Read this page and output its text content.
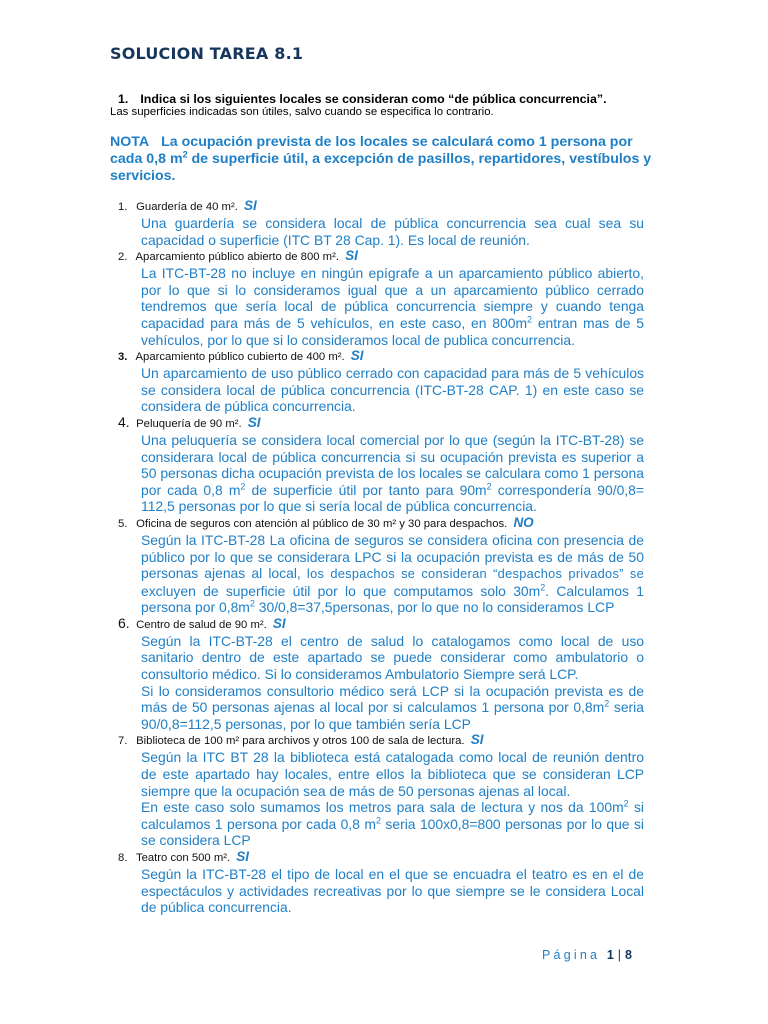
SOLUCION TAREA 8.1
1. Indica si los siguientes locales se consideran como “de pública concurrencia”.
Las superficies indicadas son útiles, salvo cuando se especifica lo contrario.
NOTA La ocupación prevista de los locales se calculará como 1 persona por cada 0,8 $m^2$ de superficie útil, a excepción de pasillos, repartidores, vestíbulos y servicios.
1. Guardería de 40 m². SI
Una guardería se considera local de pública concurrencia sea cual sea su capacidad o superficie (ITC BT 28 Cap. 1). Es local de reunión.
2. Aparcamiento público abierto de 800 m². SI
La ITC-BT-28 no incluye en ningún epígrafe a un aparcamiento público abierto, por lo que si lo consideramos igual que a un aparcamiento público cerrado tendremos que sería local de pública concurrencia siempre y cuando tenga capacidad para más de 5 vehículos, en este caso, en $800m^2$ entran mas de 5 vehículos, por lo que si lo consideramos local de publica concurrencia.
3. Aparcamiento público cubierto de 400 m². SI
Un aparcamiento de uso público cerrado con capacidad para más de 5 vehículos se considera local de pública concurrencia (ITC-BT-28 CAP. 1) en este caso se considera de pública concurrencia.
4. Peluquería de 90 m². SI
Una peluquería se considera local comercial por lo que (según la ITC-BT-28) se considerara local de pública concurrencia si su ocupación prevista es superior a 50 personas dicha ocupación prevista de los locales se calculara como 1 persona por cada 0,8 $m^2$ de superficie útil por tanto para $90m^2$ correspondería 90/0,8= 112,5 personas por lo que si sería local de pública concurrencia.
5. Oficina de seguros con atención al público de 30 m² y 30 para despachos. NO
Según la ITC-BT-28 La oficina de seguros se considera oficina con presencia de público por lo que se considerara LPC si la ocupación prevista es de más de 50 personas ajenas al local, los despachos se consideran “despachos privados” se excluyen de superficie útil por lo que computamos solo $30m^2$. Calculamos 1 persona por $0,8m^2$ 30/0,8=37,5personas, por lo que no lo consideramos LCP
6. Centro de salud de 90 m². SI
Según la ITC-BT-28 el centro de salud lo catalogamos como local de uso sanitario dentro de este apartado se puede considerar como ambulatorio o consultorio médico. Si lo consideramos Ambulatorio Siempre será LCP.
Si lo consideramos consultorio médico será LCP si la ocupación prevista es de más de 50 personas ajenas al local por si calculamos 1 persona por $0,8m^2$ seria 90/0,8=112,5 personas, por lo que también sería LCP
7. Biblioteca de 100 m² para archivos y otros 100 de sala de lectura. SI
Según la ITC BT 28 la biblioteca está catalogada como local de reunión dentro de este apartado hay locales, entre ellos la biblioteca que se consideran LCP siempre que la ocupación sea de más de 50 personas ajenas al local.
En este caso solo sumamos los metros para sala de lectura y nos da $100m^2$ si calculamos 1 persona por cada 0,8 $m^2$ seria 100x0,8=800 personas por lo que si se considera LCP
8. Teatro con 500 m². SI
Según la ITC-BT-28 el tipo de local en el que se encuadra el teatro es en el de espectáculos y actividades recreativas por lo que siempre se le considera Local de pública concurrencia.
Página 1 | 8
